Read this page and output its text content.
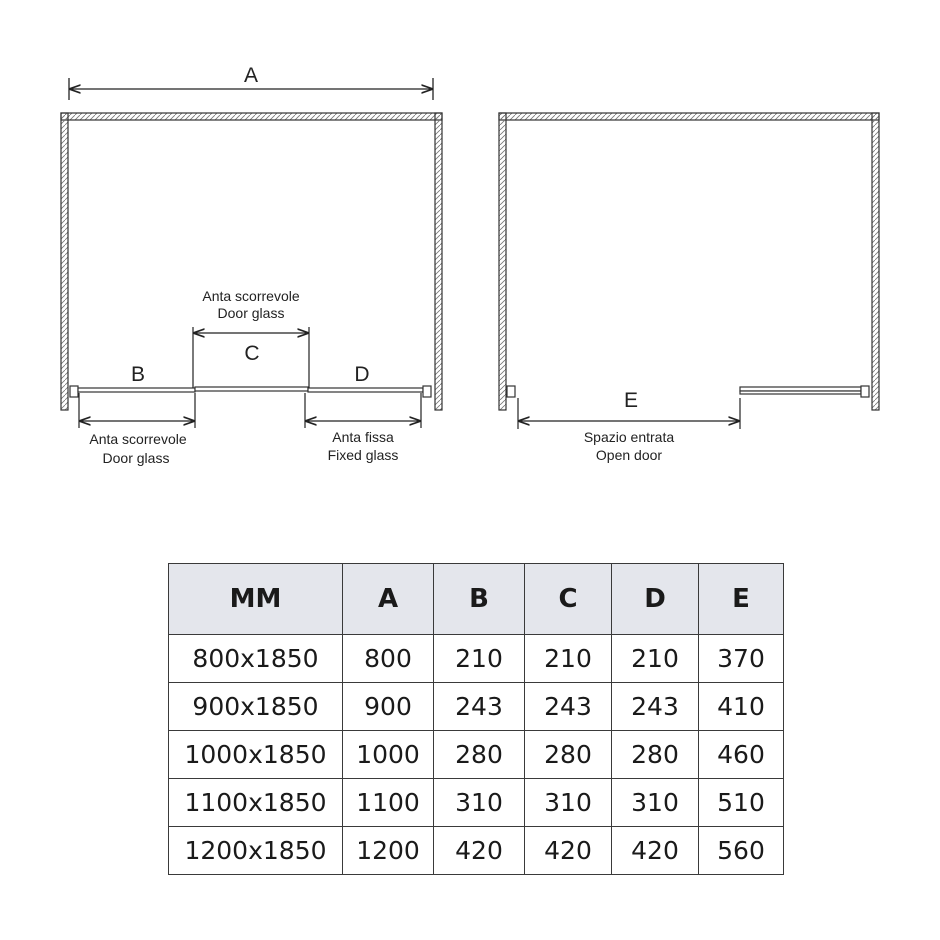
A
Anta scorrevole
Door glass
C
B
Anta scorrevole
Door glass
D
Anta fissa
Fixed glass
E
Spazio entrata
Open door
MM	A	B	C	D	E
800x1850	800	210	210	210	370
900x1850	900	243	243	243	410
1000x1850	1000	280	280	280	460
1100x1850	1100	310	310	310	510
1200x1850	1200	420	420	420	560
